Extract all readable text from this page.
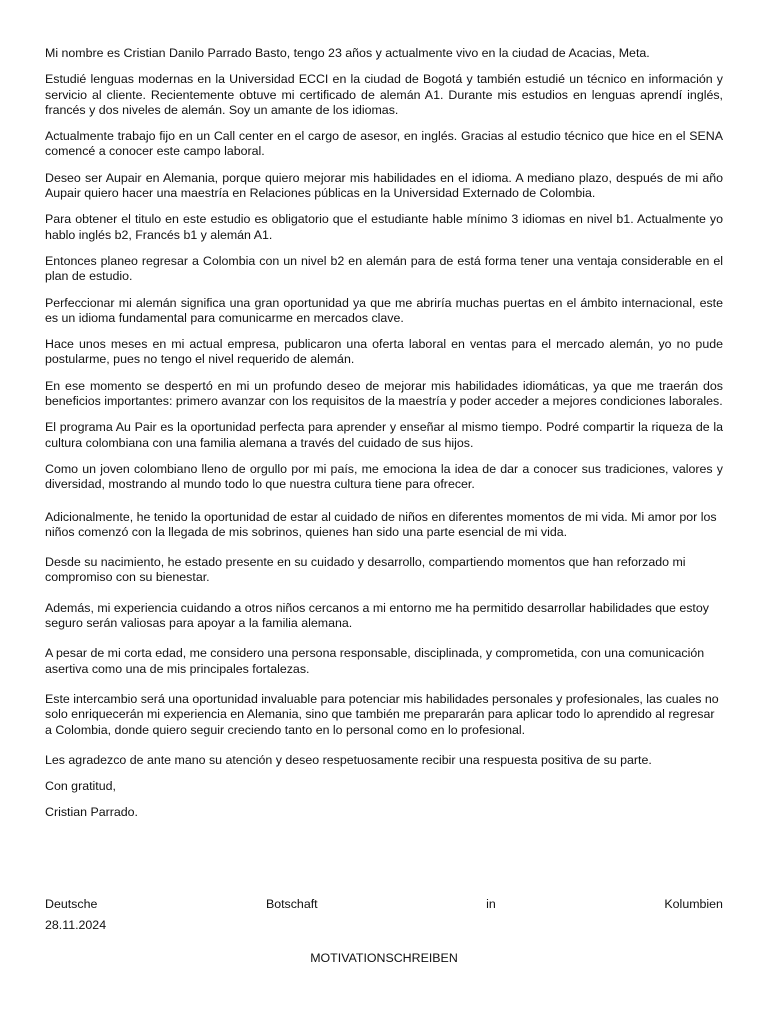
Mi nombre es Cristian Danilo Parrado Basto, tengo 23 años y actualmente vivo en la ciudad de Acacias, Meta.

Estudié lenguas modernas en la Universidad ECCI en la ciudad de Bogotá y también estudié un técnico en información y servicio al cliente. Recientemente obtuve mi certificado de alemán A1. Durante mis estudios en lenguas aprendí inglés, francés y dos niveles de alemán. Soy un amante de los idiomas.

Actualmente trabajo fijo en un Call center en el cargo de asesor, en inglés. Gracias al estudio técnico que hice en el SENA comencé a conocer este campo laboral.

Deseo ser Aupair en Alemania, porque quiero mejorar mis habilidades en el idioma. A mediano plazo, después de mi año Aupair quiero hacer una maestría en Relaciones públicas en la Universidad Externado de Colombia.

Para obtener el titulo en este estudio es obligatorio que el estudiante hable mínimo 3 idiomas en nivel b1. Actualmente yo hablo inglés b2, Francés b1 y alemán A1.

Entonces planeo regresar a Colombia con un nivel b2 en alemán para de está forma tener una ventaja considerable en el plan de estudio.

Perfeccionar mi alemán significa una gran oportunidad ya que me abriría muchas puertas en el ámbito internacional, este es un idioma fundamental para comunicarme en mercados clave.

Hace unos meses en mi actual empresa, publicaron una oferta laboral en ventas para el mercado alemán, yo no pude postularme, pues no tengo el nivel requerido de alemán.

En ese momento se despertó en mi un profundo deseo de mejorar mis habilidades idiomáticas, ya que me traerán dos beneficios importantes: primero avanzar con los requisitos de la maestría y poder acceder a mejores condiciones laborales.

El programa Au Pair es la oportunidad perfecta para aprender y enseñar al mismo tiempo. Podré compartir la riqueza de la cultura colombiana con una familia alemana a través del cuidado de sus hijos.

Como un joven colombiano lleno de orgullo por mi país, me emociona la idea de dar a conocer sus tradiciones, valores y diversidad, mostrando al mundo todo lo que nuestra cultura tiene para ofrecer.

Adicionalmente, he tenido la oportunidad de estar al cuidado de niños en diferentes momentos de mi vida. Mi amor por los niños comenzó con la llegada de mis sobrinos, quienes han sido una parte esencial de mi vida.

Desde su nacimiento, he estado presente en su cuidado y desarrollo, compartiendo momentos que han reforzado mi compromiso con su bienestar.

Además, mi experiencia cuidando a otros niños cercanos a mi entorno me ha permitido desarrollar habilidades que estoy seguro serán valiosas para apoyar a la familia alemana.

A pesar de mi corta edad, me considero una persona responsable, disciplinada, y comprometida, con una comunicación asertiva como una de mis principales fortalezas.

Este intercambio será una oportunidad invaluable para potenciar mis habilidades personales y profesionales, las cuales no solo enriquecerán mi experiencia en Alemania, sino que también me prepararán para aplicar todo lo aprendido al regresar a Colombia, donde quiero seguir creciendo tanto en lo personal como en lo profesional.

Les agradezco de ante mano su atención y deseo respetuosamente recibir una respuesta positiva de su parte.

Con gratitud,

Cristian Parrado.

Deutsche	Botschaft	in	Kolumbien
28.11.2024
MOTIVATIONSCHREIBEN
